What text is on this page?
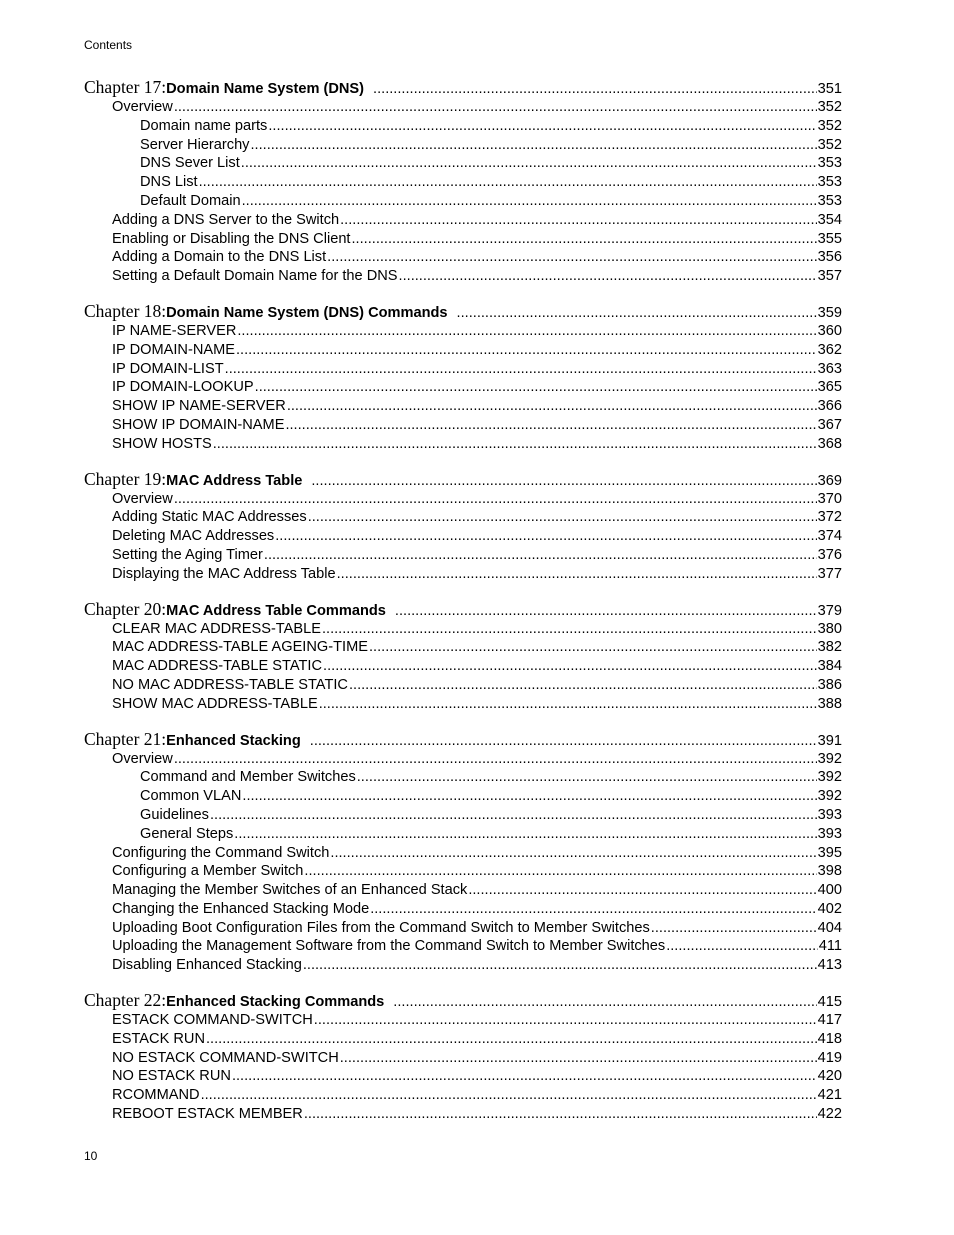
Contents
Chapter 17: Domain Name System (DNS) .....	351
Overview .....	352
Domain name parts .....	352
Server Hierarchy .....	352
DNS Sever List .....	353
DNS List .....	353
Default Domain .....	353
Adding a DNS Server to the Switch .....	354
Enabling or Disabling the DNS Client .....	355
Adding a Domain to the DNS List .....	356
Setting a Default Domain Name for the DNS .....	357
Chapter 18: Domain Name System (DNS) Commands .....	359
IP NAME-SERVER .....	360
IP DOMAIN-NAME .....	362
IP DOMAIN-LIST .....	363
IP DOMAIN-LOOKUP .....	365
SHOW IP NAME-SERVER .....	366
SHOW IP DOMAIN-NAME .....	367
SHOW HOSTS .....	368
Chapter 19: MAC Address Table .....	369
Overview .....	370
Adding Static MAC Addresses .....	372
Deleting MAC Addresses .....	374
Setting the Aging Timer .....	376
Displaying the MAC Address Table .....	377
Chapter 20: MAC Address Table Commands .....	379
CLEAR MAC ADDRESS-TABLE .....	380
MAC ADDRESS-TABLE AGEING-TIME .....	382
MAC ADDRESS-TABLE STATIC .....	384
NO MAC ADDRESS-TABLE STATIC .....	386
SHOW MAC ADDRESS-TABLE .....	388
Chapter 21: Enhanced Stacking .....	391
Overview .....	392
Command and Member Switches .....	392
Common VLAN .....	392
Guidelines .....	393
General Steps .....	393
Configuring the Command Switch .....	395
Configuring a Member Switch .....	398
Managing the Member Switches of an Enhanced Stack .....	400
Changing the Enhanced Stacking Mode .....	402
Uploading Boot Configuration Files from the Command Switch to Member Switches .....	404
Uploading the Management Software from the Command Switch to Member Switches .....	411
Disabling Enhanced Stacking .....	413
Chapter 22: Enhanced Stacking Commands .....	415
ESTACK COMMAND-SWITCH .....	417
ESTACK RUN .....	418
NO ESTACK COMMAND-SWITCH .....	419
NO ESTACK RUN .....	420
RCOMMAND .....	421
REBOOT ESTACK MEMBER .....	422
10
